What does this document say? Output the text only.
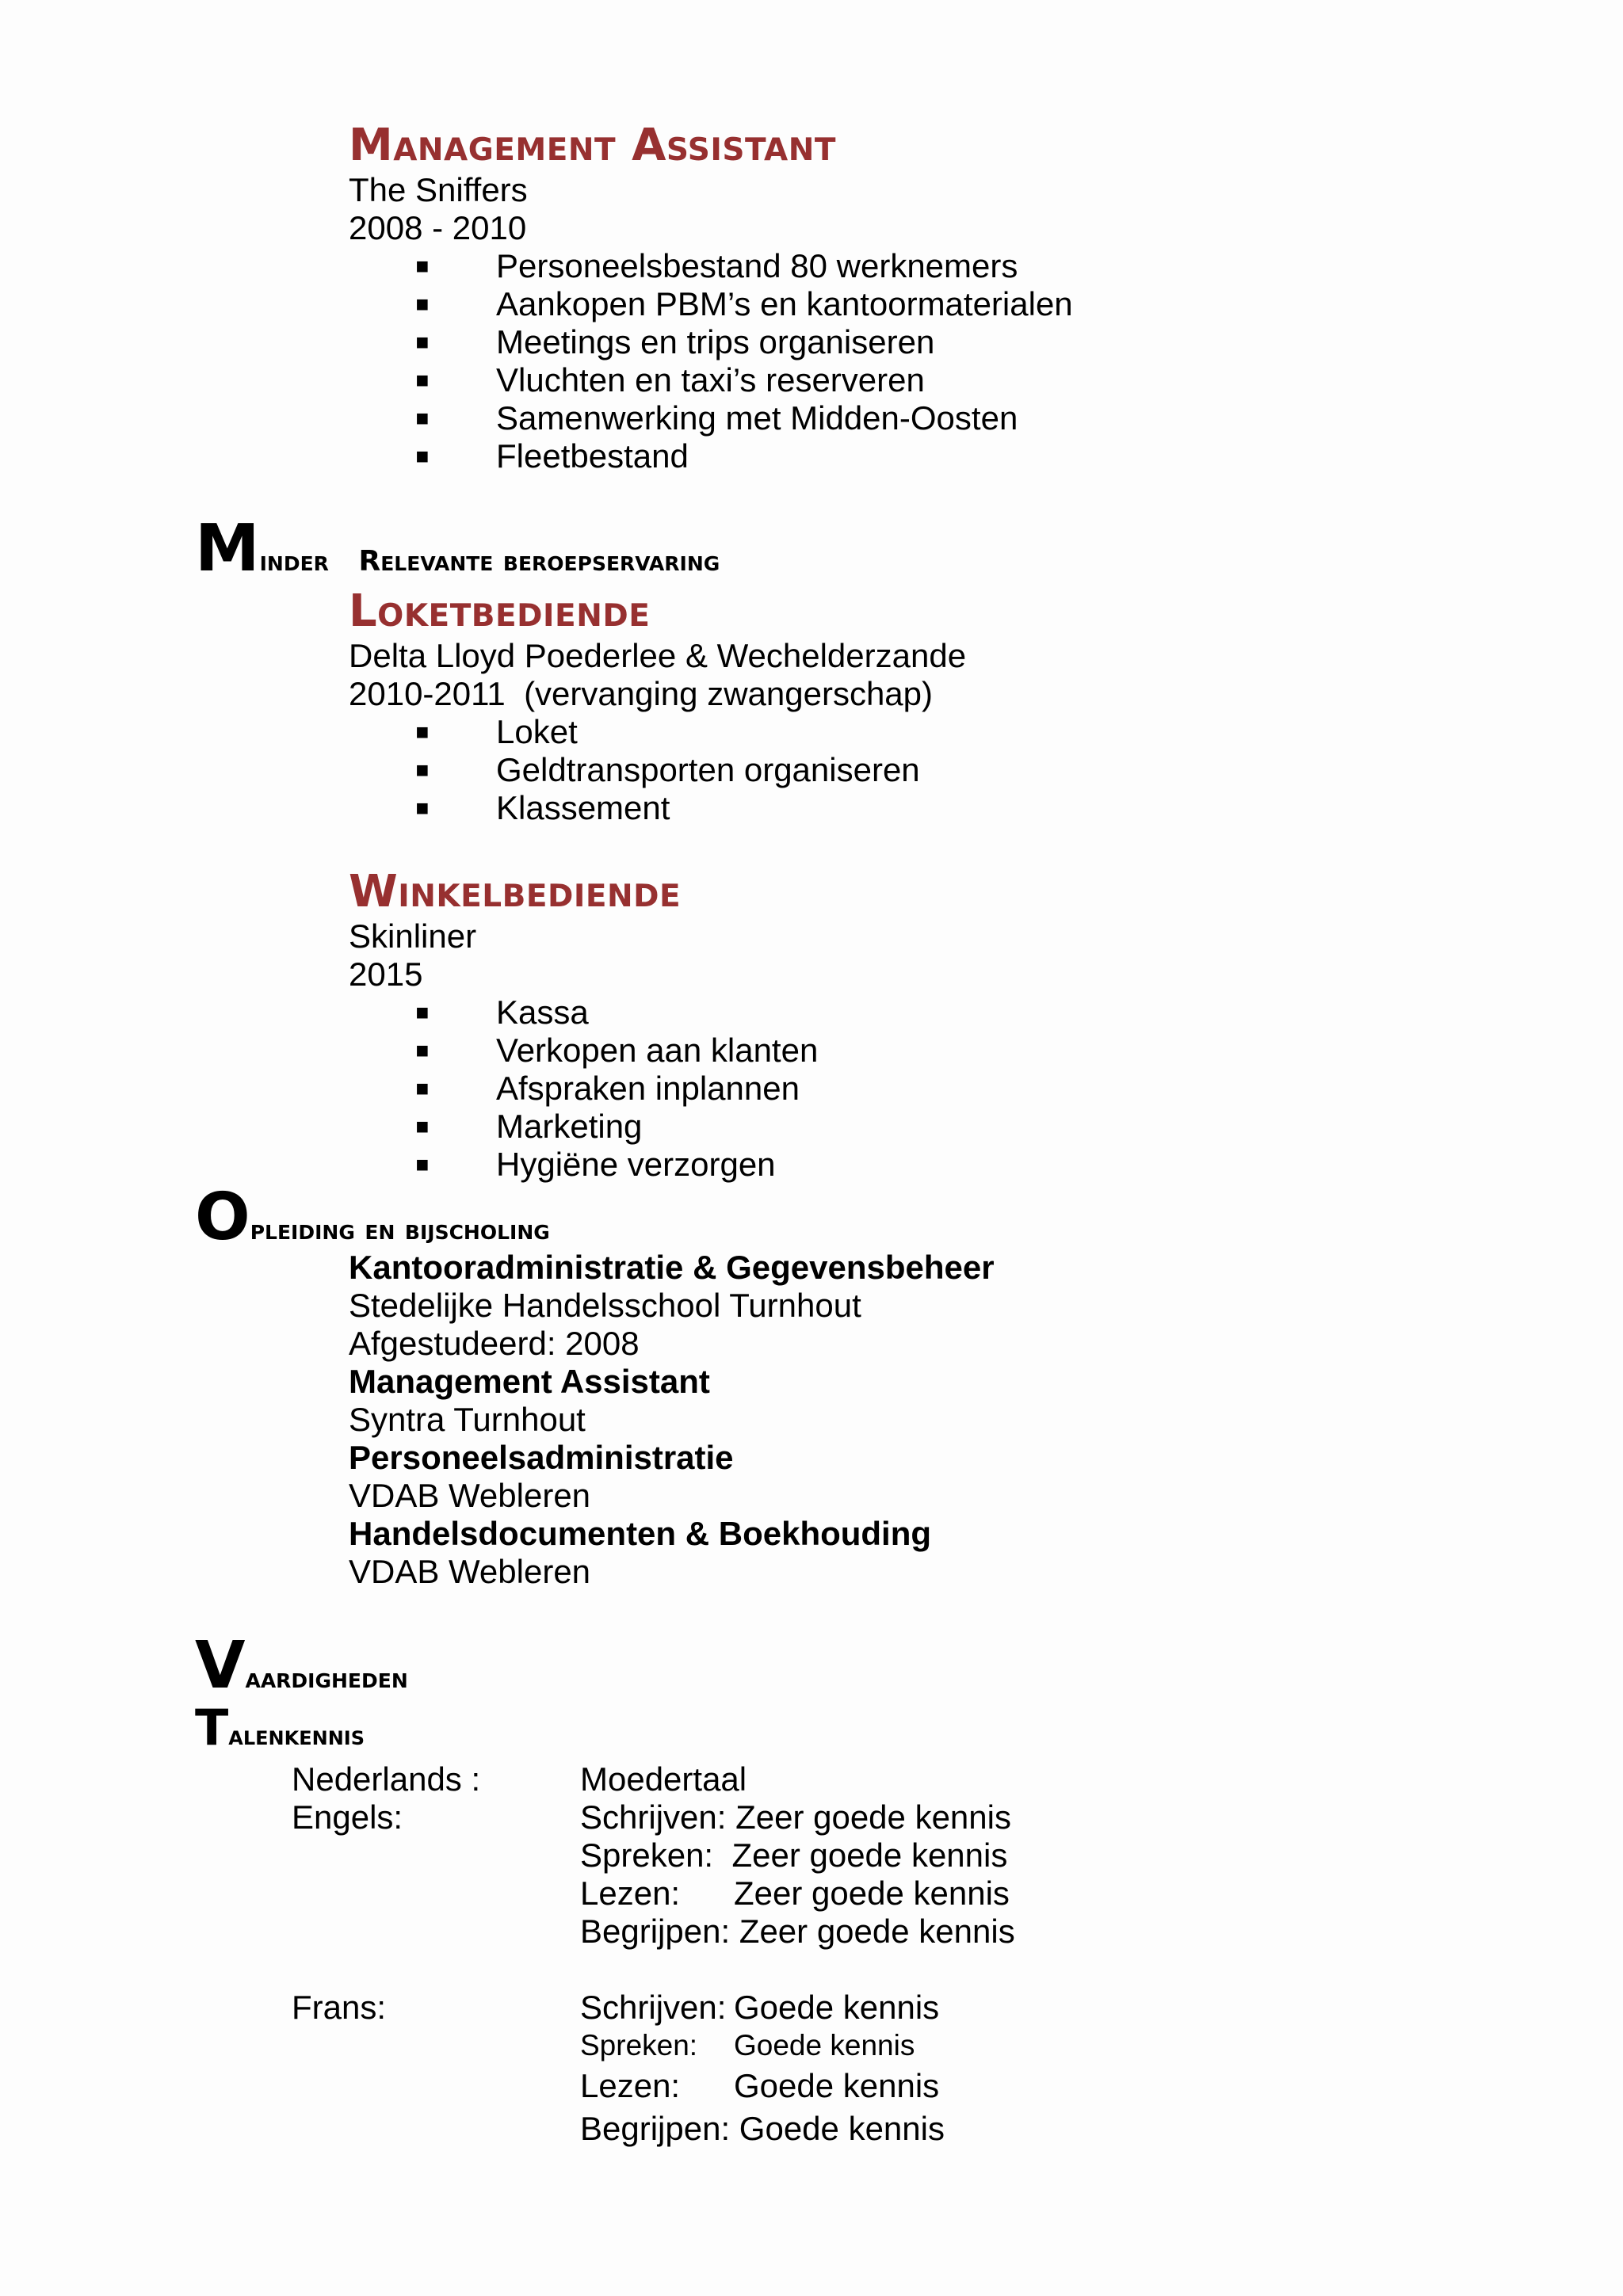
Management Assistant
The Sniffers
2008 - 2010
■	Personeelsbestand 80 werknemers
■	Aankopen PBM’s en kantoormaterialen
■	Meetings en trips organiseren
■	Vluchten en taxi’s reserveren
■	Samenwerking met Midden-Oosten
■	Fleetbestand
Minder   Relevante beroepservaring
Loketbediende
Delta Lloyd Poederlee & Wechelderzande
2010-2011  (vervanging zwangerschap)
■	Loket
■	Geldtransporten organiseren
■	Klassement
Winkelbediende
Skinliner
2015
■	Kassa
■	Verkopen aan klanten
■	Afspraken inplannen
■	Marketing
■	Hygiëne verzorgen
Opleiding en bijscholing
Kantooradministratie & Gegevensbeheer
Stedelijke Handelsschool Turnhout
Afgestudeerd: 2008
Management Assistant
Syntra Turnhout
Personeelsadministratie
VDAB Webleren
Handelsdocumenten & Boekhouding
VDAB Webleren
Vaardigheden
Talenkennis
Nederlands :	Moedertaal
Engels:	Schrijven: Zeer goede kennis
Spreken: Zeer goede kennis
Lezen: Zeer goede kennis
Begrijpen: Zeer goede kennis
Frans:	Schrijven: Goede kennis
Spreken: Goede kennis
Lezen: Goede kennis
Begrijpen: Goede kennis
